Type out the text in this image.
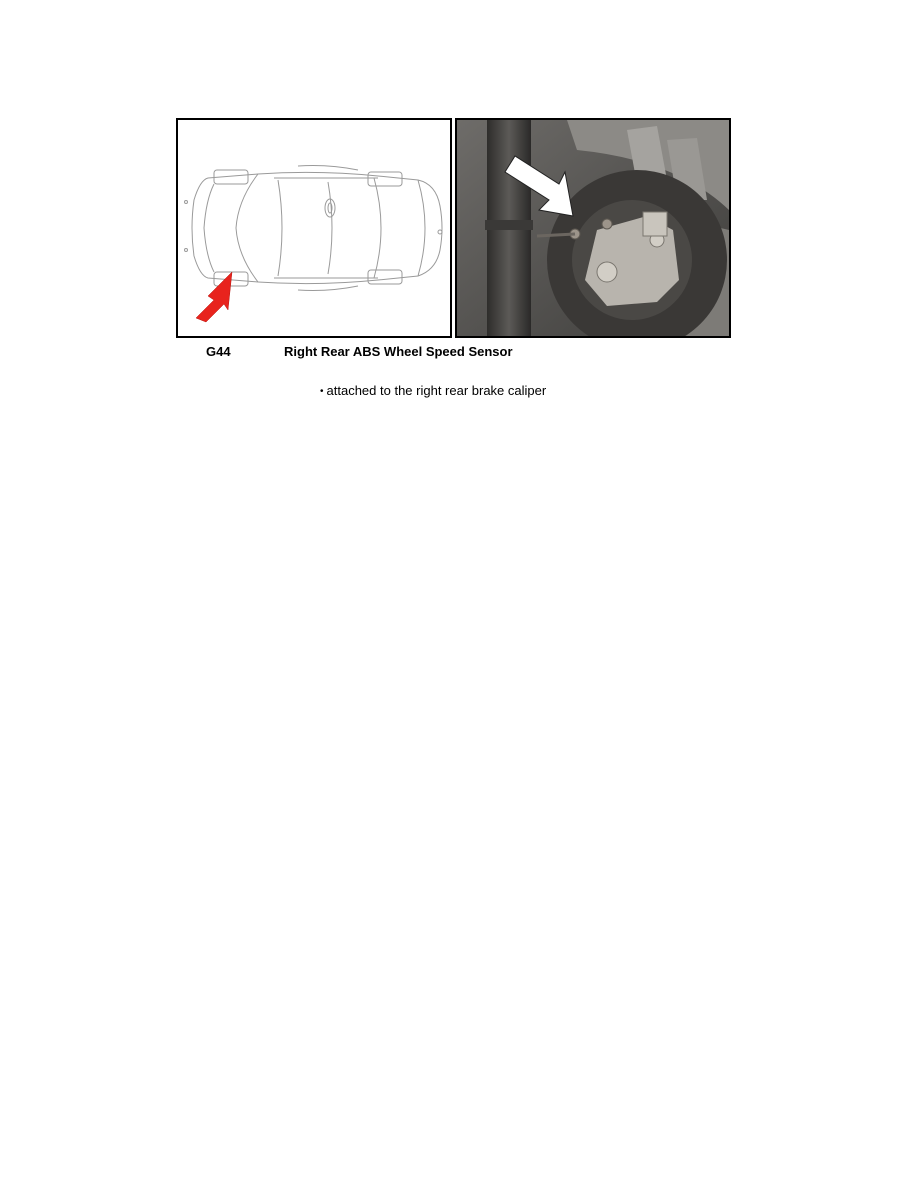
G44	Right Rear ABS Wheel Speed Sensor
• attached to the right rear brake caliper
